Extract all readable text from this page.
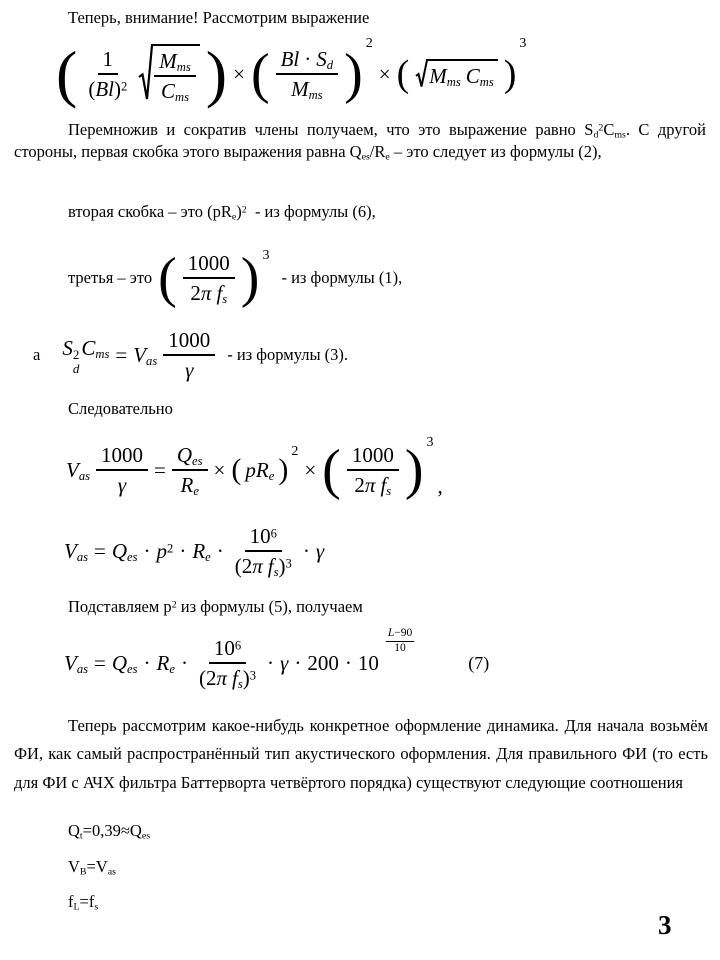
Теперь, внимание! Рассмотрим выражение
( $\frac{1}{(Bl)^2} \frac{M_{ms}}{C_{ms}}$ ) × ( $\frac{Bl \cdot S_d}{M_{ms}}$ ) 2
× ( $M_{ms}$ $C_{ms}$ )
3
Перемножив и сократив члены получаем, что это выражение равно $S_d^2C_{ms}$. С другой стороны, первая скобка этого выражения равна $Q_{es}/R_e$ – это следует из формулы (2),
вторая скобка – это $(pR_e)^2$  - из формулы (6),
третья – это ( $\frac{1000}{2\pi f_s}$ ) 3
- из формулы (1),
а S 2
d
$C_{ms} = V_{as} \frac{1000}{\gamma}$ - из формулы (3).
Следовательно
$V_{as} \frac{1000}{\gamma} = \frac{Q_{es}}{R_e}$ × ( $pR_e$ )
2
× ( $\frac{1000}{2\pi f_s}$ ) 3
,
$V_{as} = Q_{es} \cdot p^2 \cdot R_e \cdot \frac{10^6}{(2\pi f_s)^3} \cdot \gamma$
Подставляем $p^2$ из формулы (5), получаем
$V_{as} = Q_{es} \cdot R_e \cdot \frac{10^6}{(2\pi f_s)^3} \cdot \gamma \cdot 200 \cdot 10$
$\frac{L-90}{10}$
(7)
Теперь рассмотрим какое-нибудь конкретное оформление динамика. Для начала возьмём ФИ, как самый распространённый тип акустического оформления. Для правильного ФИ (то есть для ФИ с АЧХ фильтра Баттерворта четвёртого порядка) существуют следующие соотношения
$Q_t=0,39\approx Q_{es}$
$V_B=V_{as}$
$f_L=f_s$
3
